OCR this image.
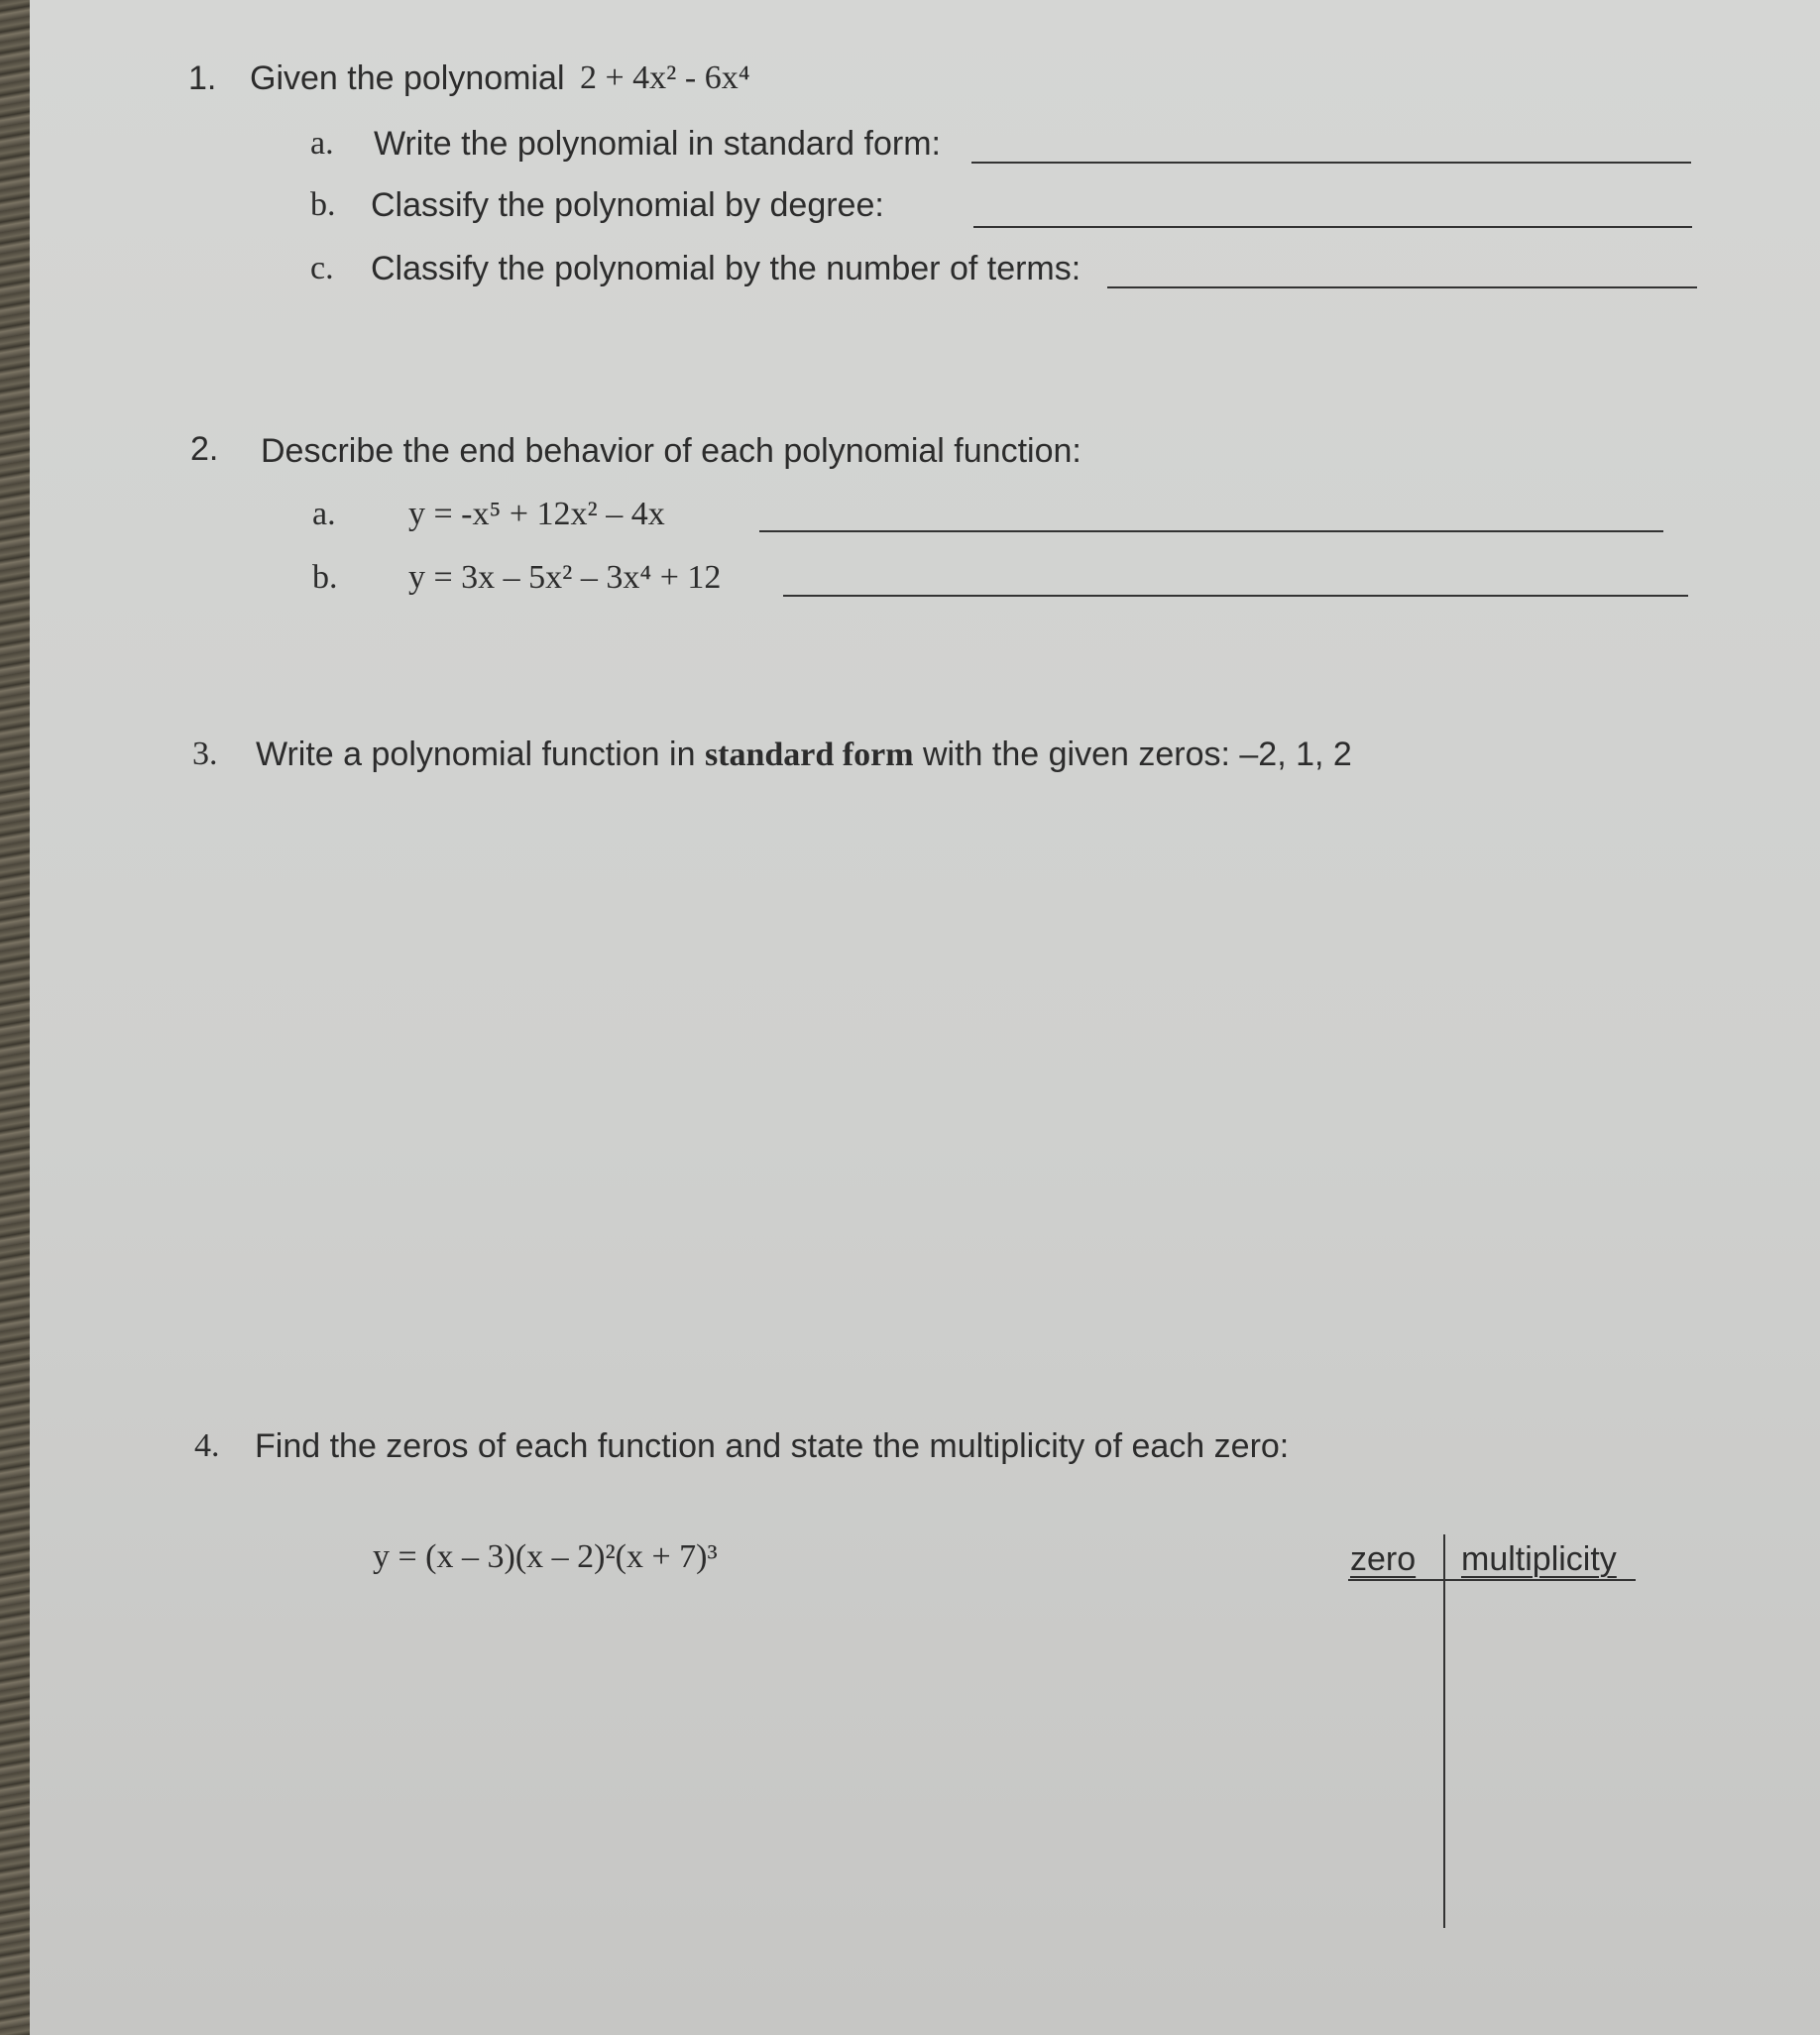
1. Given the polynomial 2 + 4x² - 6x⁴
a. Write the polynomial in standard form:
b. Classify the polynomial by degree:
c. Classify the polynomial by the number of terms:
2. Describe the end behavior of each polynomial function:
a. y = -x⁵ + 12x² – 4x
b. y = 3x – 5x² – 3x⁴ + 12
3. Write a polynomial function in standard form with the given zeros: –2, 1, 2
4. Find the zeros of each function and state the multiplicity of each zero:
y = (x – 3)(x – 2)²(x + 7)³	zero multiplicity
